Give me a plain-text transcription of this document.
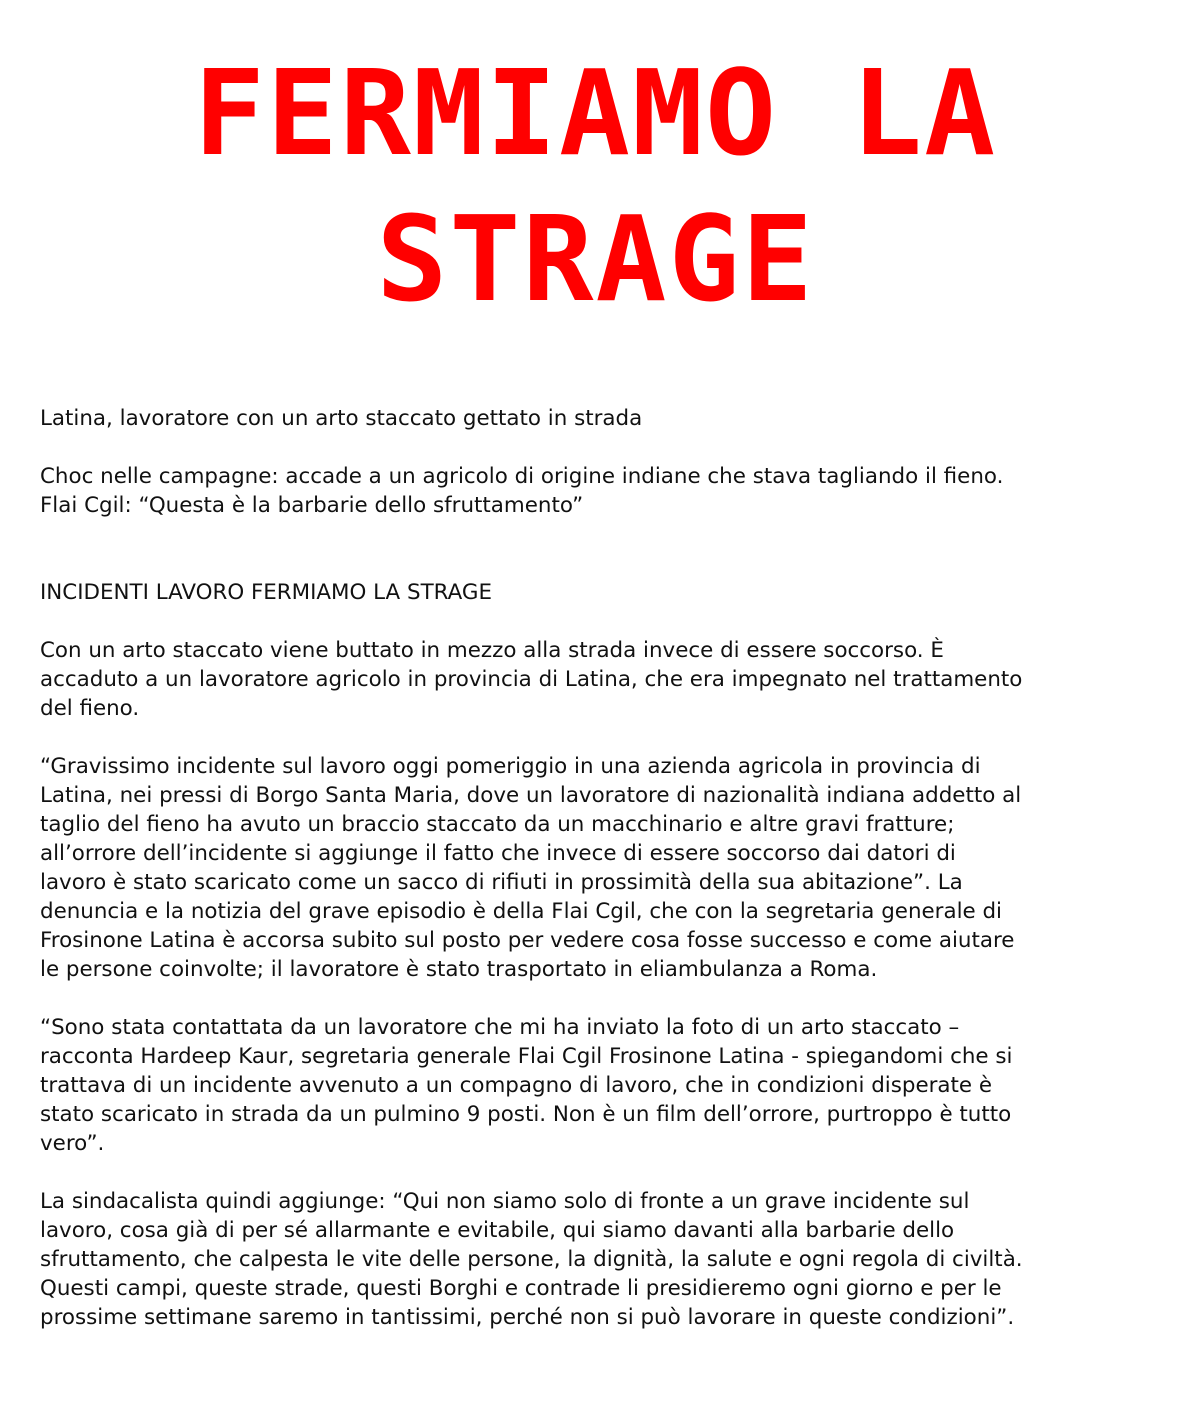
FERMIAMO LA
STRAGE

Latina, lavoratore con un arto staccato gettato in strada

Choc nelle campagne: accade a un agricolo di origine indiane che stava tagliando il fieno.

Flai Cgil: “Questa è la barbarie dello sfruttamento”

INCIDENTI LAVORO FERMIAMO LA STRAGE

Con un arto staccato viene buttato in mezzo alla strada invece di essere soccorso. È

accaduto a un lavoratore agricolo in provincia di Latina, che era impegnato nel trattamento

del fieno.

“Gravissimo incidente sul lavoro oggi pomeriggio in una azienda agricola in provincia di

Latina, nei pressi di Borgo Santa Maria, dove un lavoratore di nazionalità indiana addetto al

taglio del fieno ha avuto un braccio staccato da un macchinario e altre gravi fratture;

all’orrore dell’incidente si aggiunge il fatto che invece di essere soccorso dai datori di

lavoro è stato scaricato come un sacco di rifiuti in prossimità della sua abitazione”. La

denuncia e la notizia del grave episodio è della Flai Cgil, che con la segretaria generale di

Frosinone Latina è accorsa subito sul posto per vedere cosa fosse successo e come aiutare

le persone coinvolte; il lavoratore è stato trasportato in eliambulanza a Roma.

“Sono stata contattata da un lavoratore che mi ha inviato la foto di un arto staccato –

racconta Hardeep Kaur, segretaria generale Flai Cgil Frosinone Latina - spiegandomi che si

trattava di un incidente avvenuto a un compagno di lavoro, che in condizioni disperate è

stato scaricato in strada da un pulmino 9 posti. Non è un film dell’orrore, purtroppo è tutto

vero”.

La sindacalista quindi aggiunge: “Qui non siamo solo di fronte a un grave incidente sul

lavoro, cosa già di per sé allarmante e evitabile, qui siamo davanti alla barbarie dello

sfruttamento, che calpesta le vite delle persone, la dignità, la salute e ogni regola di civiltà.

Questi campi, queste strade, questi Borghi e contrade li presidieremo ogni giorno e per le

prossime settimane saremo in tantissimi, perché non si può lavorare in queste condizioni”.
